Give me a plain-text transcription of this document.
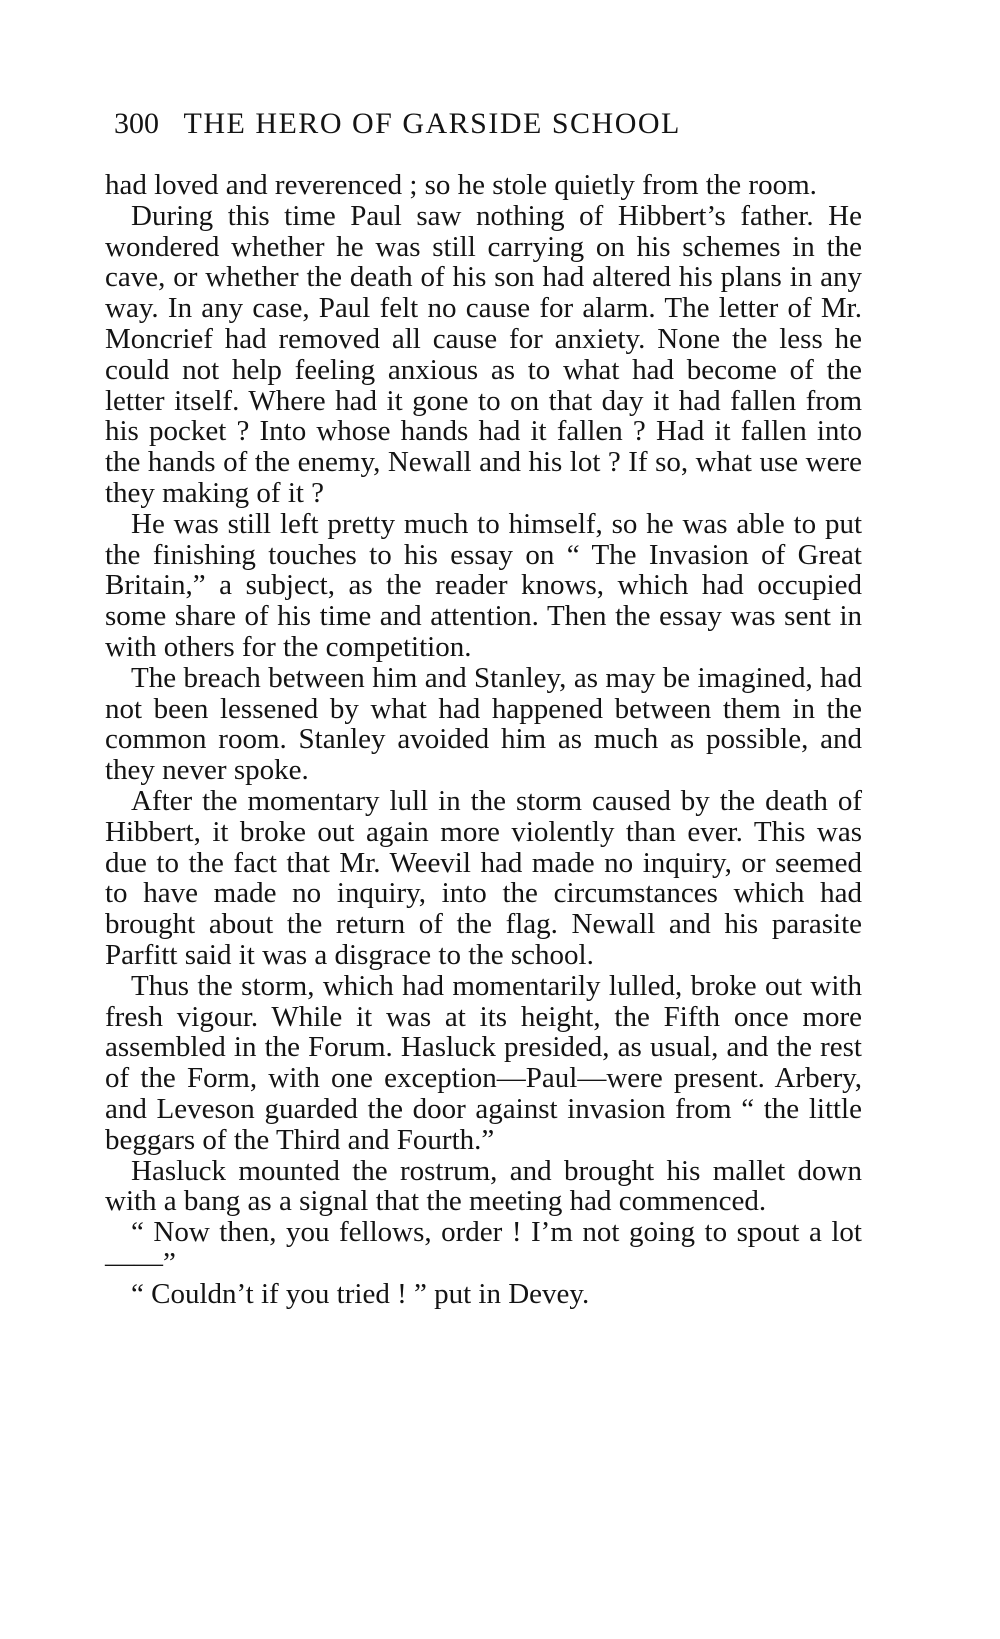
300 THE HERO OF GARSIDE SCHOOL

had loved and reverenced ; so he stole quietly from the room.

During this time Paul saw nothing of Hibbert’s father. He wondered whether he was still carrying on his schemes in the cave, or whether the death of his son had altered his plans in any way. In any case, Paul felt no cause for alarm. The letter of Mr. Moncrief had removed all cause for anxiety. None the less he could not help feeling anxious as to what had become of the letter itself. Where had it gone to on that day it had fallen from his pocket ? Into whose hands had it fallen ? Had it fallen into the hands of the enemy, Newall and his lot ? If so, what use were they making of it ?

He was still left pretty much to himself, so he was able to put the finishing touches to his essay on “ The Invasion of Great Britain,” a subject, as the reader knows, which had occupied some share of his time and attention. Then the essay was sent in with others for the competition.

The breach between him and Stanley, as may be imagined, had not been lessened by what had happened between them in the common room. Stanley avoided him as much as possible, and they never spoke.

After the momentary lull in the storm caused by the death of Hibbert, it broke out again more violently than ever. This was due to the fact that Mr. Weevil had made no inquiry, or seemed to have made no inquiry, into the circumstances which had brought about the return of the flag. Newall and his parasite Parfitt said it was a disgrace to the school.

Thus the storm, which had momentarily lulled, broke out with fresh vigour. While it was at its height, the Fifth once more assembled in the Forum. Hasluck presided, as usual, and the rest of the Form, with one exception—Paul—were present. Arbery, and Leveson guarded the door against invasion from “ the little beggars of the Third and Fourth.”

Hasluck mounted the rostrum, and brought his mallet down with a bang as a signal that the meeting had commenced.

“ Now then, you fellows, order ! I’m not going to spout a lot——”

“ Couldn’t if you tried ! ” put in Devey.
